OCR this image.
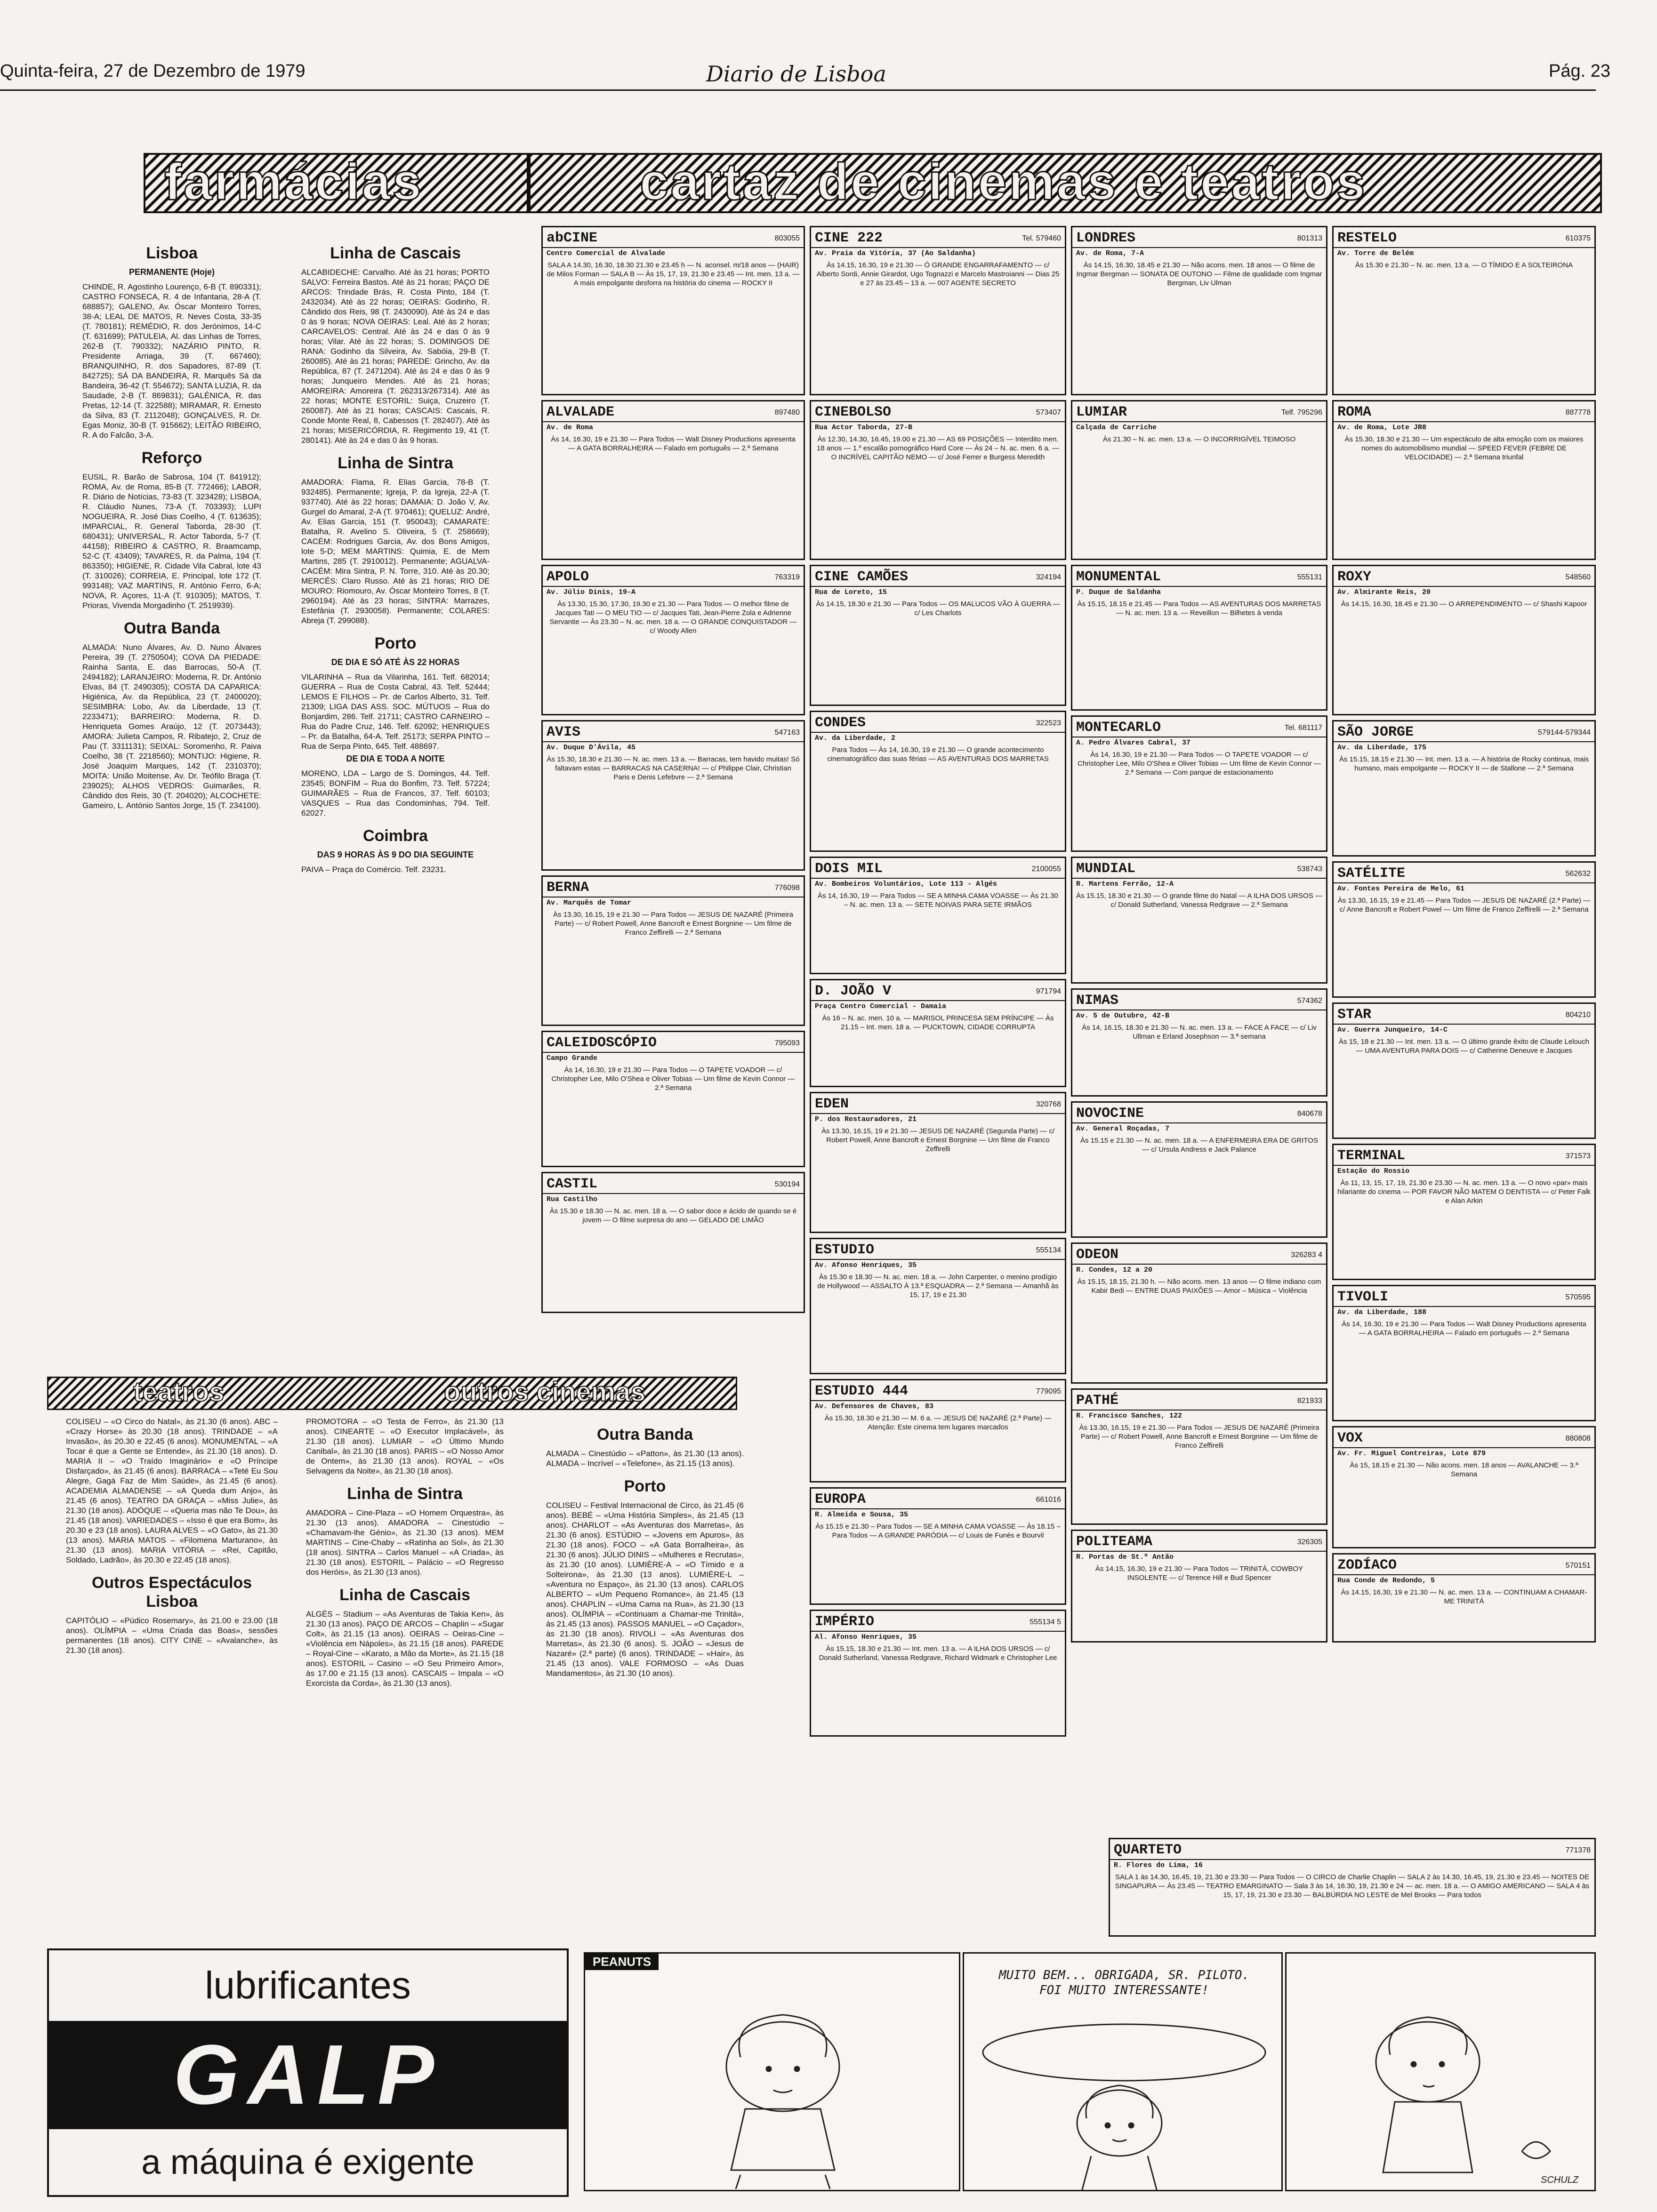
Quinta-feira, 27 de Dezembro de 1979	Diario de Lisboa	Pág. 23
farmácias	cartaz de cinemas e teatros
Lisboa
PERMANENTE (Hoje)

CHINDE, R. Agostinho Lourenço, 6-B (T. 890331); CASTRO FONSECA, R. 4 de Infantaria, 28-A (T. 688857); GALENO, Av. Óscar Monteiro Torres, 38-A; LEAL DE MATOS, R. Neves Costa, 33-35 (T. 780181); REMÉDIO, R. dos Jerónimos, 14-C (T. 631699); PATULEIA, Al. das Linhas de Torres, 262-B (T. 790332); NAZÁRIO PINTO, R. Presidente Arriaga, 39 (T. 667460); BRANQUINHO, R. dos Sapadores, 87-89 (T. 842725); SÁ DA BANDEIRA, R. Marquês Sá da Bandeira, 36-42 (T. 554672); SANTA LUZIA, R. da Saudade, 2-B (T. 869831); GALÉNICA, R. das Pretas, 12-14 (T. 322588); MIRAMAR, R. Ernesto da Silva, 83 (T. 2112048); GONÇALVES, R. Dr. Egas Moniz, 30-B (T. 915662); LEITÃO RIBEIRO, R. A do Falcão, 3-A.

Reforço

EUSIL, R. Barão de Sabrosa, 104 (T. 841912); ROMA, Av. de Roma, 85-B (T. 772466); LABOR, R. Diário de Notícias, 73-83 (T. 323428); LISBOA, R. Cláudio Nunes, 73-A (T. 703393); LUPI NOGUEIRA, R. José Dias Coelho, 4 (T. 613635); IMPARCIAL, R. General Taborda, 28-30 (T. 680431); UNIVERSAL, R. Actor Taborda, 5-7 (T. 44158); RIBEIRO & CASTRO, R. Braamcamp, 52-C (T. 43409); TAVARES, R. da Palma, 194 (T. 863350); HIGIENE, R. Cidade Vila Cabral, lote 43 (T. 310026); CORREIA, E. Principal, lote 172 (T. 993148); VAZ MARTINS, R. António Ferro, 6-A; NOVA, R. Açores, 11-A (T. 910305); MATOS, T. Prioras, Vivenda Morgadinho (T. 2519939).

Outra Banda

ALMADA: Nuno Álvares, Av. D. Nuno Álvares Pereira, 39 (T. 2750504); COVA DA PIEDADE: Rainha Santa, E. das Barrocas, 50-A (T. 2494182); LARANJEIRO: Moderna, R. Dr. António Elvas, 84 (T. 2490305); COSTA DA CAPARICA: Higiénica, Av. da República, 23 (T. 2400020); SESIMBRA: Lobo, Av. da Liberdade, 13 (T. 2233471); BARREIRO: Moderna, R. D. Henriqueta Gomes Araújo, 12 (T. 2073443); AMORA: Julieta Campos, R. Ribatejo, 2, Cruz de Pau (T. 3311131); SEIXAL: Soromenho, R. Paiva Coelho, 38 (T. 2218560); MONTIJO: Higiene, R. José Joaquim Marques, 142 (T. 2310370); MOITA: União Moitense, Av. Dr. Teófilo Braga (T. 239025); ALHOS VEDROS: Guimarães, R. Cândido dos Reis, 30 (T. 204020); ALCOCHETE: Gameiro, L. António Santos Jorge, 15 (T. 234100).

Linha de Cascais

ALCABIDECHE: Carvalho. Até às 21 horas; PORTO SALVO: Ferreira Bastos. Até às 21 horas; PAÇO DE ARCOS: Trindade Brás, R. Costa Pinto, 184 (T. 2432034). Até às 22 horas; OEIRAS: Godinho, R. Cândido dos Reis, 98 (T. 2430090). Até às 24 e das 0 às 9 horas; NOVA OEIRAS: Leal. Até às 2 horas; CARCAVELOS: Central. Até às 24 e das 0 às 9 horas; Vilar. Até às 22 horas; S. DOMINGOS DE RANA: Godinho da Silveira, Av. Sabóia, 29-B (T. 260085). Até às 21 horas; PAREDE: Grincho, Av. da República, 87 (T. 2471204). Até às 24 e das 0 às 9 horas; Junqueiro Mendes. Até às 21 horas; AMOREIRA: Amoreira (T. 262313/267314). Até às 22 horas; MONTE ESTORIL: Suiça, Cruzeiro (T. 260087). Até às 21 horas; CASCAIS: Cascais, R. Conde Monte Real, 8, Cabessos (T. 282407). Até às 21 horas; MISERICÓRDIA, R. Regimento 19, 41 (T. 280141). Até às 24 e das 0 às 9 horas.

Linha de Sintra

AMADORA: Flama, R. Elias Garcia, 78-B (T. 932485). Permanente; Igreja, P. da Igreja, 22-A (T. 937740). Até às 22 horas; DAMAIA: D. João V, Av. Gurgel do Amaral, 2-A (T. 970461); QUELUZ: André, Av. Elias Garcia, 151 (T. 950043); CAMARATE: Batalha, R. Avelino S. Oliveira, 5 (T. 258669); CACÉM: Rodrigues Garcia, Av. dos Bons Amigos, lote 5-D; MEM MARTINS: Quimia, E. de Mem Martins, 285 (T. 2910012). Permanente; AGUALVA-CACÉM: Mira Sintra, P. N. Torre, 310. Até às 20.30; MERCÊS: Claro Russo. Até às 21 horas; RIO DE MOURO: Riomouro, Av. Óscar Monteiro Torres, 8 (T. 2960194). Até às 23 horas; SINTRA: Marrazes, Estefânia (T. 2930058). Permanente; COLARES: Abreja (T. 299088).

Porto
DE DIA E SÓ ATÉ ÀS 22 HORAS

VILARINHA – Rua da Vilarinha, 161. Telf. 682014; GUERRA – Rua de Costa Cabral, 43. Telf. 52444; LEMOS E FILHOS – Pr. de Carlos Alberto, 31. Telf. 21309; LIGA DAS ASS. SOC. MÚTUOS – Rua do Bonjardim, 286. Telf. 21711; CASTRO CARNEIRO – Rua do Padre Cruz, 146. Telf. 62092; HENRIQUES – Pr. da Batalha, 64-A. Telf. 25173; SERPA PINTO – Rua de Serpa Pinto, 645. Telf. 488697.

DE DIA E TODA A NOITE

MORENO, LDA – Largo de S. Domingos, 44. Telf. 23545; BONFIM – Rua do Bonfim, 73. Telf. 57224; GUIMARÃES – Rua de Francos, 37. Telf. 60103; VASQUES – Rua das Condominhas, 794. Telf. 62027.

Coimbra
DAS 9 HORAS ÀS 9 DO DIA SEGUINTE

PAIVA – Praça do Comércio. Telf. 23231.

abCINE	803055
Centro Comercial de Alvalade
SALA A 14.30, 16.30, 18.30 21.30 e 23.45 h — N. aconsel. m/18 anos — (HAIR) de Milos Forman — SALA B — Às 15, 17, 19, 21.30 e 23.45 — Int. men. 13 a. — A mais empolgante desforra na história do cinema — ROCKY II
CINE 222	Tel. 579460
Av. Praia da Vitória, 37 (Ao Saldanha)
Às 14.15, 16.30, 19 e 21.30 — Ó GRANDE ENGARRAFAMENTO — c/ Alberto Sordi, Annie Girardot, Ugo Tognazzi e Marcelo Mastroianni — Dias 25 e 27 às 23.45 – 13 a. — 007 AGENTE SECRETO
LONDRES	801313
Av. de Roma, 7-A
Às 14.15, 16.30, 18.45 e 21.30 — Não acons. men. 18 anos — O filme de Ingmar Bergman — SONATA DE OUTONO — Filme de qualidade com Ingmar Bergman, Liv Ulman
RESTELO	610375
Av. Torre de Belém
Às 15.30 e 21.30 – N. ac. men. 13 a. — O TÍMIDO E A SOLTEIRONA
ALVALADE	897480
Av. de Roma
Às 14, 16.30, 19 e 21.30 — Para Todos — Walt Disney Productions apresenta — A GATA BORRALHEIRA — Falado em português — 2.ª Semana
CINEBOLSO	573407
Rua Actor Taborda, 27-B
Às 12.30, 14.30, 16.45, 19.00 e 21.30 — AS 69 POSIÇÕES — Interdito men. 18 anos — 1.º escalão pornográfico Hard Core — Às 24 – N. ac. men. 6 a. — O INCRÍVEL CAPITÃO NEMO — c/ José Ferrer e Burgess Meredith
LUMIAR	Telf. 795296
Calçada de Carriche
Às 21.30 – N. ac. men. 13 a. — O INCORRIGÍVEL TEIMOSO
ROMA	887778
Av. de Roma, Lote JR8
Às 15.30, 18.30 e 21.30 — Um espectáculo de alta emoção com os maiores nomes do automobilismo mundial — SPEED FEVER (FEBRE DE VELOCIDADE) — 2.ª Semana triunfal
APOLO	763319
Av. Júlio Dinis, 19-A
Às 13.30, 15.30, 17.30, 19.30 e 21.30 — Para Todos — O melhor filme de Jacques Tati — O MEU TIO — c/ Jacques Tati, Jean-Pierre Zola e Adrienne Servantie — Às 23.30 – N. ac. men. 18 a. — O GRANDE CONQUISTADOR — c/ Woody Allen
AVIS	547163
Av. Duque D'Ávila, 45
Às 15.30, 18.30 e 21.30 — N. ac. men. 13 a. — Barracas, tem havido muitas! Só faltavam estas — BARRACAS NA CASERNA! — c/ Philippe Clair, Christian Paris e Denis Lefebvre — 2.ª Semana
BERNA	776098
Av. Marquês de Tomar
Às 13.30, 16.15, 19 e 21.30 — Para Todos — JESUS DE NAZARÉ (Primeira Parte) — c/ Robert Powell, Anne Bancroft e Ernest Borgnine — Um filme de Franco Zeffirelli — 2.ª Semana
CALEIDOSCÓPIO	795093
Campo Grande
Às 14, 16.30, 19 e 21.30 — Para Todos — O TAPETE VOADOR — c/ Christopher Lee, Milo O'Shea e Oliver Tobias — Um filme de Kevin Connor — 2.ª Semana
CASTIL	530194
Rua Castilho
Às 15.30 e 18.30 — N. ac. men. 18 a. — O sabor doce e ácido de quando se é jovem — O filme surpresa do ano — GELADO DE LIMÃO
CINE CAMÕES	324194
Rua de Loreto, 15
Às 14.15, 18.30 e 21.30 — Para Todos — OS MALUCOS VÃO À GUERRA — c/ Les Charlots
CONDES	322523
Av. da Liberdade, 2
Para Todos — Às 14, 16.30, 19 e 21.30 — O grande acontecimento cinematográfico das suas férias — AS AVENTURAS DOS MARRETAS
DOIS MIL	2100055
Av. Bombeiros Voluntários, Lote 113 - Algés
Às 14, 16.30, 19 — Para Todos — SE A MINHA CAMA VOASSE — Às 21.30 – N. ac. men. 13 a. — SETE NOIVAS PARA SETE IRMÃOS
D. JOÃO V	971794
Praça Centro Comercial - Damaia
Às 16 – N. ac. men. 10 a. — MARISOL PRINCESA SEM PRÍNCIPE — Às 21.15 – Int. men. 18 a. — PUCKTOWN, CIDADE CORRUPTA
EDEN	320768
P. dos Restauradores, 21
Às 13.30, 16.15, 19 e 21.30 — JESUS DE NAZARÉ (Segunda Parte) — c/ Robert Powell, Anne Bancroft e Ernest Borgnine — Um filme de Franco Zeffirelli
ESTUDIO	555134
Av. Afonso Henriques, 35
Às 15.30 e 18.30 — N. ac. men. 18 a. — John Carpenter, o menino prodígio de Hollywood — ASSALTO À 13.ª ESQUADRA — 2.ª Semana — Amanhã às 15, 17, 19 e 21.30
ESTUDIO 444	779095
Av. Defensores de Chaves, 83
Às 15.30, 18.30 e 21.30 — M. 6 a. — JESUS DE NAZARÉ (2.ª Parte) — Atenção: Este cinema tem lugares marcados
EUROPA	661016
R. Almeida e Sousa, 35
Às 15.15 e 21.30 – Para Todos — SE A MINHA CAMA VOASSE — Às 18.15 – Para Todos — A GRANDE PARÓDIA — c/ Louis de Funès e Bourvil
IMPÉRIO	555134 5
Al. Afonso Henriques, 35
Às 15.15, 18.30 e 21.30 — Int. men. 13 a. — A ILHA DOS URSOS — c/ Donald Sutherland, Vanessa Redgrave, Richard Widmark e Christopher Lee
MONUMENTAL	555131
P. Duque de Saldanha
Às 15.15, 18.15 e 21.45 — Para Todos — AS AVENTURAS DOS MARRETAS — N. ac. men. 13 a. — Reveillon — Bilhetes à venda
MONTECARLO	Tel. 681117
A. Pedro Álvares Cabral, 37
Às 14, 16.30, 19 e 21.30 — Para Todos — O TAPETE VOADOR — c/ Christopher Lee, Milo O'Shea e Oliver Tobias — Um filme de Kevin Connor — 2.ª Semana — Com parque de estacionamento
MUNDIAL	538743
R. Martens Ferrão, 12-A
Às 15.15, 18.30 e 21.30 — O grande filme do Natal — A ILHA DOS URSOS — c/ Donald Sutherland, Vanessa Redgrave — 2.ª Semana
NIMAS	574362
Av. 5 de Outubro, 42-B
Às 14, 16.15, 18.30 e 21.30 — N. ac. men. 13 a. — FACE A FACE — c/ Liv Ullman e Erland Josephson — 3.ª semana
NOVOCINE	840678
Av. General Roçadas, 7
Às 15.15 e 21.30 — N. ac. men. 18 a. — A ENFERMEIRA ERA DE GRITOS — c/ Ursula Andress e Jack Palance
ODEON	326283 4
R. Condes, 12 a 20
Às 15.15, 18.15, 21.30 h. — Não acons. men. 13 anos — O filme indiano com Kabir Bedi — ENTRE DUAS PAIXÕES — Amor – Música – Violência
PATHÉ	821933
R. Francisco Sanches, 122
Às 13.30, 16.15, 19 e 21.30 — Para Todos — JESUS DE NAZARÉ (Primeira Parte) — c/ Robert Powell, Anne Bancroft e Ernest Borgnine — Um filme de Franco Zeffirelli
POLITEAMA	326305
R. Portas de St.º Antão
Às 14.15, 16.30, 19 e 21.30 — Para Todos — TRINITÁ, COWBOY INSOLENTE — c/ Terence Hill e Bud Spencer
ROXY	548560
Av. Almirante Reis, 20
Às 14.15, 16.30, 18.45 e 21.30 — O ARREPENDIMENTO — c/ Shashi Kapoor
SÃO JORGE	579144-579344
Av. da Liberdade, 175
Às 15.15, 18.15 e 21.30 — Int. men. 13 a. — A história de Rocky continua, mais humano, mais empolgante — ROCKY II — de Stallone — 2.ª Semana
SATÉLITE	562632
Av. Fontes Pereira de Melo, 61
Às 13.30, 16.15, 19 e 21.45 — Para Todos — JESUS DE NAZARÉ (2.ª Parte) — c/ Anne Bancroft e Robert Powel — Um filme de Franco Zeffirelli — 2.ª Semana
STAR	804210
Av. Guerra Junqueiro, 14-C
Às 15, 18 e 21.30 — Int. men. 13 a. — O último grande êxito de Claude Lelouch — UMA AVENTURA PARA DOIS — c/ Catherine Deneuve e Jacques
TERMINAL	371573
Estação do Rossio
Às 11, 13, 15, 17, 19, 21.30 e 23.30 — N. ac. men. 13 a. — O novo «par» mais hilariante do cinema — POR FAVOR NÃO MATEM O DENTISTA — c/ Peter Falk e Alan Arkin
TIVOLI	570595
Av. da Liberdade, 188
Às 14, 16.30, 19 e 21.30 — Para Todos — Walt Disney Productions apresenta — A GATA BORRALHEIRA — Falado em português — 2.ª Semana
VOX	880808
Av. Fr. Miguel Contreiras, Lote 879
Às 15, 18.15 e 21.30 — Não acons. men. 18 anos — AVALANCHE — 3.ª Semana
ZODÍACO	570151
Rua Conde de Redondo, 5
Às 14.15, 16.30, 19 e 21.30 — N. ac. men. 13 a. — CONTINUAM A CHAMAR-ME TRINITÁ
teatros	outros cinemas

COLISEU – «O Circo do Natal», às 21.30 (6 anos). ABC – «Crazy Horse» às 20.30 (18 anos). TRINDADE – «A Invasão», às 20.30 e 22.45 (6 anos). MONUMENTAL – «A Tocar é que a Gente se Entende», às 21.30 (18 anos). D. MARIA II – «O Traído Imaginário» e «O Príncipe Disfarçado», às 21.45 (6 anos). BARRACA – «Teté Eu Sou Alegre, Gagá Faz de Mim Saúde», às 21.45 (6 anos). ACADEMIA ALMADENSE – «A Queda dum Anjo», às 21.45 (6 anos). TEATRO DA GRAÇA – «Miss Julie», às 21.30 (18 anos). ADÓQUE – «Queria mas não Te Dou», às 21.45 (18 anos). VARIEDADES – «Isso é que era Bom», às 20.30 e 23 (18 anos). LAURA ALVES – «O Gato», às 21.30 (13 anos). MARIA MATOS – «Filomena Marturano», às 21.30 (13 anos). MARIA VITÓRIA – «Rei, Capitão, Soldado, Ladrão», às 20.30 e 22.45 (18 anos).

Outros Espectáculos Lisboa

CAPITÓLIO – «Púdico Rosemary», às 21.00 e 23.00 (18 anos). OLÍMPIA – «Uma Criada das Boas», sessões permanentes (18 anos). CITY CINE – «Avalanche», às 21.30 (18 anos).

PROMOTORA – «O Testa de Ferro», às 21.30 (13 anos). CINEARTE – «O Executor Implacável», às 21.30 (18 anos). LUMIAR – «O Último Mundo Canibal», às 21.30 (18 anos). PARIS – «O Nosso Amor de Ontem», às 21.30 (13 anos). ROYAL – «Os Selvagens da Noite», às 21.30 (18 anos).

Linha de Sintra

AMADORA – Cine-Plaza – «O Homem Orquestra», às 21.30 (13 anos). AMADORA – Cinestúdio – «Chamavam-lhe Génio», às 21.30 (13 anos). MEM MARTINS – Cine-Chaby – «Ratinha ao Sol», às 21.30 (18 anos). SINTRA – Carlos Manuel – «A Criada», às 21.30 (18 anos). ESTORIL – Palácio – «O Regresso dos Heróis», às 21.30 (13 anos).

Linha de Cascais

ALGÉS – Stadium – «As Aventuras de Takia Ken», às 21.30 (13 anos). PAÇO DE ARCOS – Chaplin – «Sugar Colt», às 21.15 (13 anos). OEIRAS – Oeiras-Cine – «Violência em Nápoles», às 21.15 (18 anos). PAREDE – Royal-Cine – «Karato, a Mão da Morte», às 21.15 (18 anos). ESTORIL – Casino – «O Seu Primeiro Amor», às 17.00 e 21.15 (13 anos). CASCAIS – Impala – «O Exorcista da Corda», às 21.30 (13 anos).

Outra Banda

ALMADA – Cinestúdio – «Patton», às 21.30 (13 anos). ALMADA – Incrível – «Telefone», às 21.15 (13 anos).

Porto

COLISEU – Festival Internacional de Circo, às 21.45 (6 anos). BEBÉ – «Uma História Simples», às 21.45 (13 anos). CHARLOT – «As Aventuras dos Marretas», às 21.30 (6 anos). ESTÚDIO – «Jovens em Apuros», às 21.30 (18 anos). FOCO – «A Gata Borralheira», às 21.30 (6 anos). JÚLIO DINIS – «Mulheres e Recrutas», às 21.30 (10 anos). LUMIÈRE-A – «O Tímido e a Solteirona», às 21.30 (13 anos). LUMIÈRE-L – «Aventura no Espaço», às 21.30 (13 anos). CARLOS ALBERTO – «Um Pequeno Romance», às 21.45 (13 anos). CHAPLIN – «Uma Cama na Rua», às 21.30 (13 anos). OLÍMPIA – «Continuam a Chamar-me Trinitá», às 21.45 (13 anos). PASSOS MANUEL – «O Caçador», às 21.30 (18 anos). RIVOLI – «As Aventuras dos Marretas», às 21.30 (6 anos). S. JOÃO – «Jesus de Nazaré» (2.ª parte) (6 anos). TRINDADE – «Hair», às 21.45 (13 anos). VALE FORMOSO – «As Duas Mandamentos», às 21.30 (10 anos).

QUARTETO	771378
R. Flores do Lima, 16
SALA 1 às 14.30, 16.45, 19, 21.30 e 23.30 — Para Todos — O CIRCO de Charlie Chaplin — SALA 2 às 14.30, 16.45, 19, 21.30 e 23.45 — NOITES DE SINGAPURA — Às 23.45 — TEATRO EMARGINATO — Sala 3 às 14, 16.30, 19, 21.30 e 24 — ac. men. 18 a. — O AMIGO AMERICANO — SALA 4 às 15, 17, 19, 21.30 e 23.30 — BALBÚRDIA NO LESTE de Mel Brooks — Para todos
lubrificantes
GALP
a máquina é exigente
PEANUTS
MUITO BEM... OBRIGADA, SR. PILOTO. FOI MUITO INTERESSANTE!
SCHULZ
